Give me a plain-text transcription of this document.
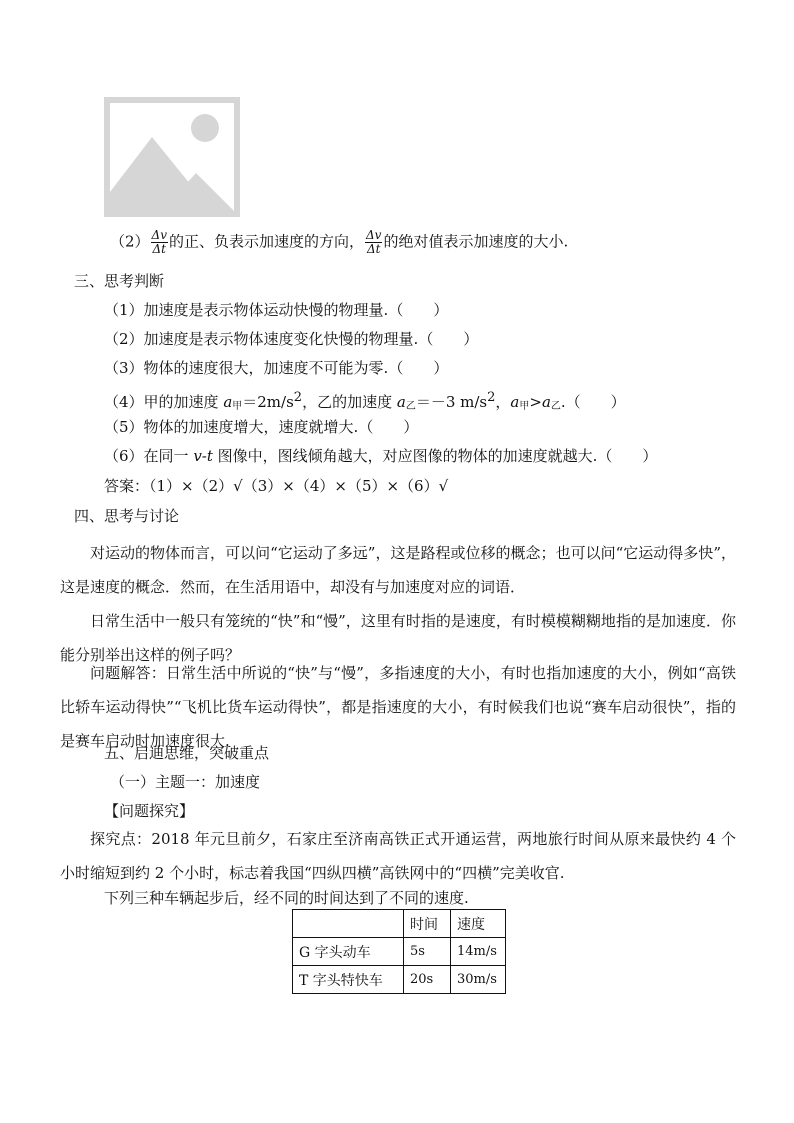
$(2) \frac{\Delta v}{\Delta t}$ 的正、负表示加速度的方向， $\frac{\Delta v}{\Delta t}$ 的绝对值表示加速度的大小.
三、思考判断
（1）加速度是表示物体运动快慢的物理量.（　　）
（2）加速度是表示物体速度变化快慢的物理量.（　　）
（3）物体的速度很大，加速度不可能为零.（　　）
（4）甲的加速度 $a_甲=2m/s^2$，乙的加速度 $a_乙=-3$ $m/s^2$，$a_甲>a_乙$.（　　）
（5）物体的加速度增大，速度就增大.（　　）
（6）在同一 v-t 图像中，图线倾角越大，对应图像的物体的加速度就越大.（　　）
答案：（1）×（2）√（3）×（4）×（5）×（6）√
四、思考与讨论
对运动的物体而言，可以问“它运动了多远”，这是路程或位移的概念；也可以问“它运动得多快”，这是速度的概念．然而，在生活用语中，却没有与加速度对应的词语．
日常生活中一般只有笼统的“快”和“慢”，这里有时指的是速度，有时模模糊糊地指的是加速度．你能分别举出这样的例子吗？
问题解答：日常生活中所说的“快”与“慢”，多指速度的大小，有时也指加速度的大小，例如“高铁比轿车运动得快”“飞机比货车运动得快”，都是指速度的大小，有时候我们也说“赛车启动很快”，指的是赛车启动时加速度很大.
五、启迪思维，突破重点
（一）主题一：加速度
【问题探究】
探究点：2018 年元旦前夕，石家庄至济南高铁正式开通运营，两地旅行时间从原来最快约 4 个小时缩短到约 2 个小时，标志着我国“四纵四横”高铁网中的“四横”完美收官.
下列三种车辆起步后，经不同的时间达到了不同的速度.
	时间	速度
G 字头动车	5s	14m/s
T 字头特快车	20s	30m/s
